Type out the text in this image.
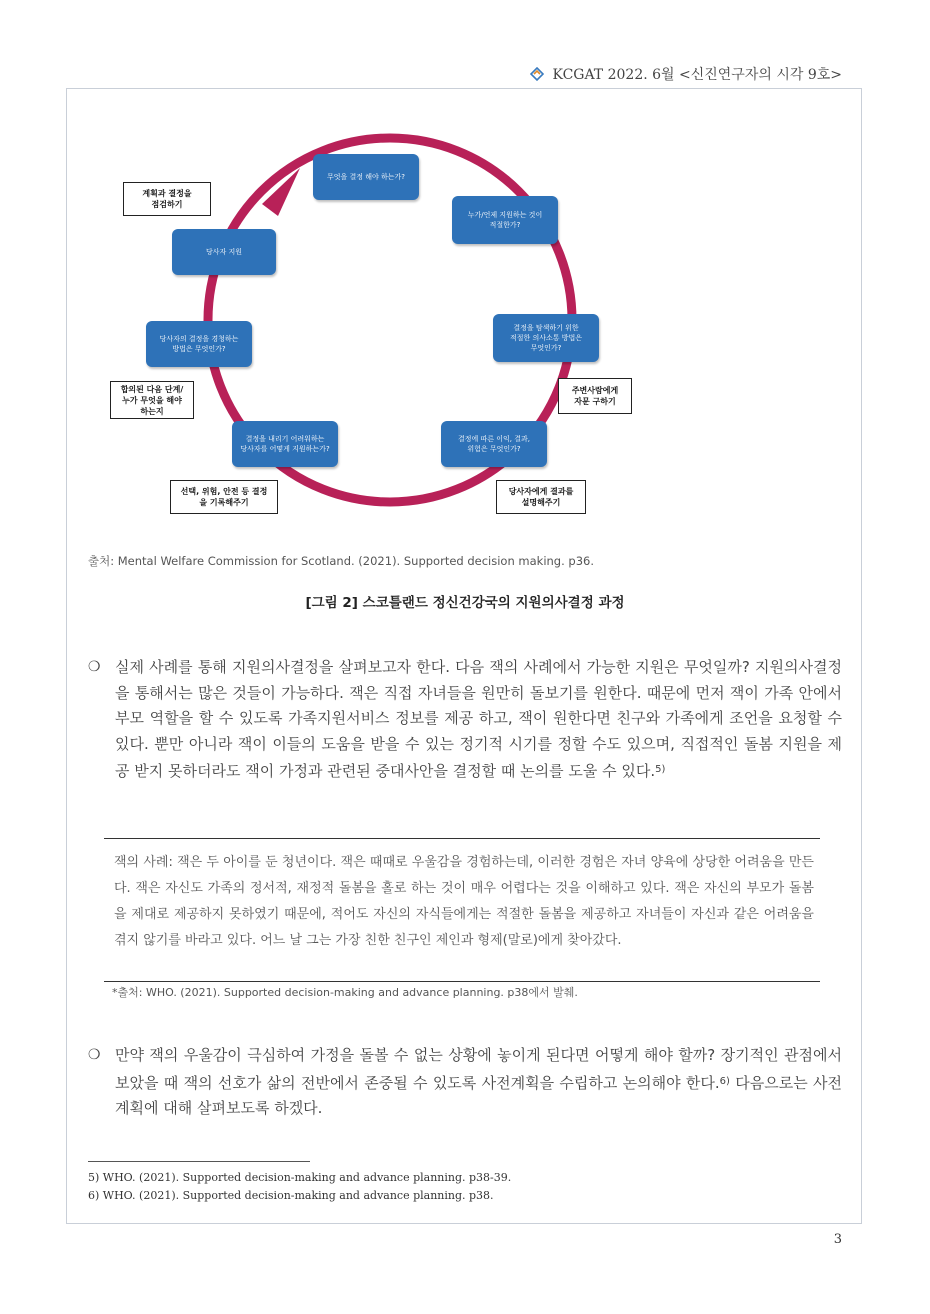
KCGAT 2022. 6월 <신진연구자의 시각 9호>
무엇을 결정 해야 하는가?
누가/언제 지원하는 것이
적절한가?
결정을 탐색하기 위한
적절한 의사소통 방법은
무엇인가?
결정에 따른 이익, 결과,
위험은 무엇인가?
결정을 내리기 어려워하는
당사자를 어떻게 지원하는가?
당사자의 결정을 경청하는
방법은 무엇인가?
당사자 지원
계획과 결정을
점검하기
합의된 다음 단계/
누가 무엇을 해야
하는지
주변사람에게
자문 구하기
선택, 위험, 안전 등 결정
을 기록해주기
당사자에게 결과를
설명해주기
출처: Mental Welfare Commission for Scotland. (2021). Supported decision making. p36.
[그림 2] 스코틀랜드 정신건강국의 지원의사결정 과정
❍ 실제 사례를 통해 지원의사결정을 살펴보고자 한다. 다음 잭의 사례에서 가능한 지원은 무엇일까? 지원의사결정을 통해서는 많은 것들이 가능하다. 잭은 직접 자녀들을 원만히 돌보기를 원한다. 때문에 먼저 잭이 가족 안에서 부모 역할을 할 수 있도록 가족지원서비스 정보를 제공 하고, 잭이 원한다면 친구와 가족에게 조언을 요청할 수 있다. 뿐만 아니라 잭이 이들의 도움을 받을 수 있는 정기적 시기를 정할 수도 있으며, 직접적인 돌봄 지원을 제공 받지 못하더라도 잭이 가정과 관련된 중대사안을 결정할 때 논의를 도울 수 있다.$^{5)}$
잭의 사례: 잭은 두 아이를 둔 청년이다. 잭은 때때로 우울감을 경험하는데, 이러한 경험은 자녀 양육에 상당한 어려움을 만든다. 잭은 자신도 가족의 정서적, 재정적 돌봄을 홀로 하는 것이 매우 어렵다는 것을 이해하고 있다. 잭은 자신의 부모가 돌봄을 제대로 제공하지 못하였기 때문에, 적어도 자신의 자식들에게는 적절한 돌봄을 제공하고 자녀들이 자신과 같은 어려움을 겪지 않기를 바라고 있다. 어느 날 그는 가장 친한 친구인 제인과 형제(말로)에게 찾아갔다.
*출처: WHO. (2021). Supported decision-making and advance planning. p38에서 발췌.
❍ 만약 잭의 우울감이 극심하여 가정을 돌볼 수 없는 상황에 놓이게 된다면 어떻게 해야 할까? 장기적인 관점에서 보았을 때 잭의 선호가 삶의 전반에서 존중될 수 있도록 사전계획을 수립하고 논의해야 한다.$^{6)}$ 다음으로는 사전계획에 대해 살펴보도록 하겠다.
5) WHO. (2021). Supported decision-making and advance planning. p38-39.
6) WHO. (2021). Supported decision-making and advance planning. p38.
3
